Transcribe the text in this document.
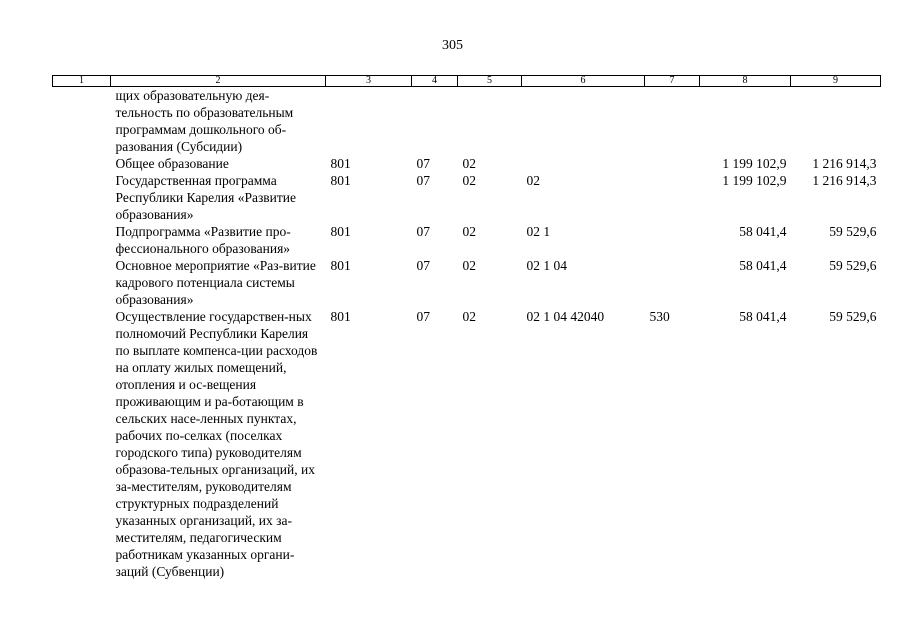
305
1	2	3	4	5	6	7	8	9

	щих образовательную дея-тельность по образовательным программам дошкольного об-разования (Субсидии)							

	Общее образование	801	07	02			1 199 102,9	1 216 914,3

	Государственная программа Республики Карелия «Развитие образования»	801	07	02	02		1 199 102,9	1 216 914,3

	Подпрограмма «Развитие про-фессионального образования»	801	07	02	02 1		58 041,4	59 529,6

	Основное мероприятие «Раз-витие кадрового потенциала системы образования»	801	07	02	02 1 04		58 041,4	59 529,6

	Осуществление государствен-ных полномочий Республики Карелия по выплате компенса-ции расходов на оплату жилых помещений, отопления и ос-вещения проживающим и ра-ботающим в сельских насе-ленных пунктах, рабочих по-селках (поселках городского типа) руководителям образова-тельных организаций, их за-местителям, руководителям структурных подразделений указанных организаций, их за-местителям, педагогическим работникам указанных органи-заций (Субвенции)	801	07	02	02 1 04 42040	530	58 041,4	59 529,6
